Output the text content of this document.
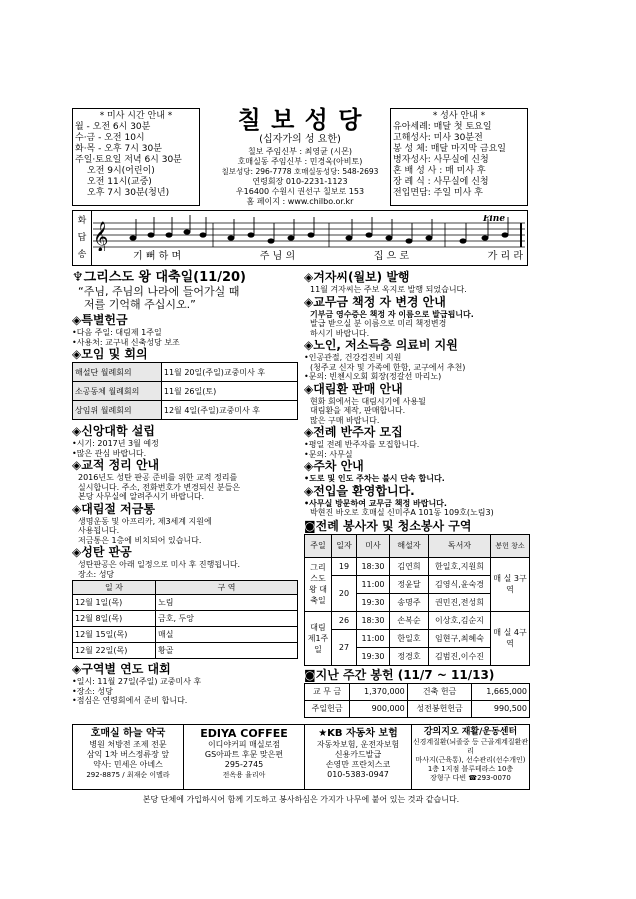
* 미사 시간 안내 *
월 - 오전 6시 30분
수·금 - 오전 10시
화·목 - 오후 7시 30분
주일·토요일 저녁 6시 30분
오전 9시(어린이)
오전 11시(교중)
오후 7시 30분(청년)
칠 보 성 당
(십자가의 성 요한)
칠보 주임신부 : 최영균 (시몬)
호매실동 주임신부 : 민경욱(아비토)
칠보성당: 296-7778 호매실동성당: 548-2693
연령회장 010-2231-1123
우16400 수원시 권선구 칠보로 153
홈 페이지 : www.chilbo.or.kr
* 성사 안내 *
유아세례: 매달 첫 토요일
고해성사: 미사 30분전
봉 성 체: 매달 마지막 금요일
병자성사: 사무실에 신청
혼 배 성 사 : 매 미사 후
장 례 식 : 사무실에 신청
전입면담: 주일 미사 후
화
답
송
𝄞
Fine
기 뻐 하 며	주 님 의	집 으 로	가 리 라
♆그리스도 왕 대축일(11/20)
“주님, 주님의 나라에 들어가실 때
저를 기억해 주십시오.”
◈특별헌금
•다음 주일: 대림제 1주일
•사용처: 교구내 신축성당 보조
◈모임 및 회의
해설단 월례회의	11월 20일(주일)교중미사 후
소공동체 월례회의	11월 26일(토)
상임위 월례회의	12월 4일(주일)교중미사 후
◈신앙대학 설립
•시기: 2017년 3월 예정
•많은 관심 바랍니다.
◈교적 정리 안내
2016년도 성탄 판공 준비를 위한 교적 정리를
실시합니다. 주소, 전화번호가 변경되신 분들은
본당 사무실에 알려주시기 바랍니다.
◈대림절 저금통
생명운동 및 아프리카, 제3세계 지원에
사용됩니다.
저금통은 1층에 비치되어 있습니다.
◈성탄 판공
성탄판공은 아래 일정으로 미사 후 진행됩니다.
장소: 성당
일 자	구 역
12월 1일(목)	노림
12월 8일(목)	금호, 두앙
12월 15일(목)	매실
12월 22일(목)	황골
◈구역별 연도 대회
•일시: 11월 27일(주일) 교중미사 후
•장소: 성당
•점심은 연령회에서 준비 합니다.
◈겨자씨(월보) 발행
11월 겨자씨는 주보 옥지로 발행 되었습니다.
◈교무금 책정 자 변경 안내
기부금 영수증은 책정 자 이름으로 발급됩니다.
발급 받으실 분 이름으로 미리 책정변경
하시기 바랍니다.
◈노인, 저소득층 의료비 지원
•인공관절, 건강검진비 지원
(청주교 신자 및 가족에 한함, 교구에서 추천)
•문의: 빈첸시오회 회장(정갈선 마리노)
◈대림환 판매 안내
현화 회에서는 대림시기에 사용될
대림환을 제작, 판매합니다.
많은 구매 바랍니다.
◈전례 반주자 모집
•평일 전례 반주자를 모집합니다.
•문의: 사무실
◈주차 안내
•도로 및 인도 주차는 불시 단속 합니다.
◈전입을 환영합니다.
•사무실 방문하여 교무금 책정 바랍니다.
박현진 바오로 호매실 신미주A 101동 109호(노림3)
◙전례 봉사자 및 청소봉사 구역
주일	일자	미사	해설자	독서자	봉헌 창소
그리스도왕 대축일	19	18:30	김연희	한일호,지원희	매 실 3구역
	20	11:00	정윤달	김영식,윤숙경	
		19:30	송명주	권민진,전성희	
대림 제1주일	26	18:30	손복순	이상호,김순지	매 실 4구역
	27	11:00	한일호	임현구,최혜숙	
		19:30	정경호	김범진,이수진	
◙지난 주간 봉헌 (11/7 ~ 11/13)
교 무 금	1,370,000	건축 헌금	1,665,000
주일헌금	900,000	성전봉헌헌금	990,500
호매실 하늘 약국
병원 처방전 조제 전문
삼익 1차 버스정류장 앞
약사: 민세은 아녜스
292-8875 / 최재순 이멜라
EDIYA COFFEE
이디야커피 매실로점
GS아파트 후문 맞은편
295-2745
전옥용 율리아
★KB 자동차 보험
자동차보험, 운전자보험
신용카드발급
손영만 프란치스코
010-5383-0947
강의지오 재활/운동센터
신경계질환(뇌졸중 등 근골계계질환관리
마사지(근육통), 선수관리(선수개인)
1층 1지점 블루테라스 10층
장형구 다빈 ☎293-0070
본당 단체에 가입하시어 함께 기도하고 봉사하심은 가지가 나무에 붙어 있는 것과 같습니다.
